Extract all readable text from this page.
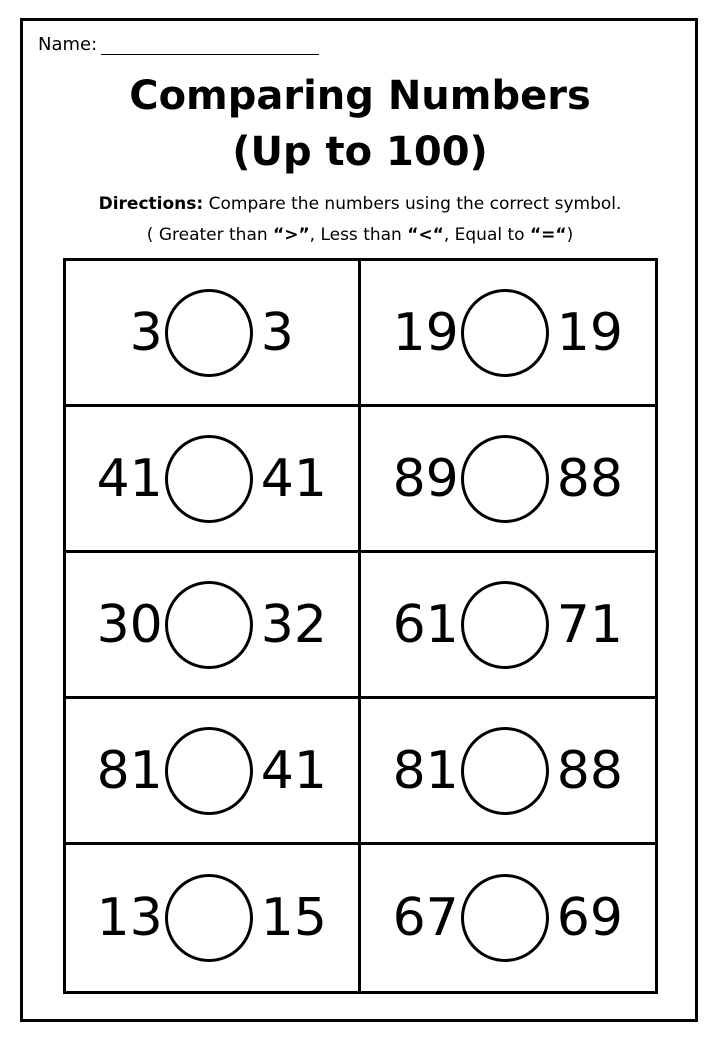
Name:
Comparing Numbers
(Up to 100)
Directions: Compare the numbers using the correct symbol.
( Greater than “>”, Less than “<“, Equal to “=“)
3 3	19 19
41 41	89 88
30 32	61 71
81 41	81 88
13 15	67 69
